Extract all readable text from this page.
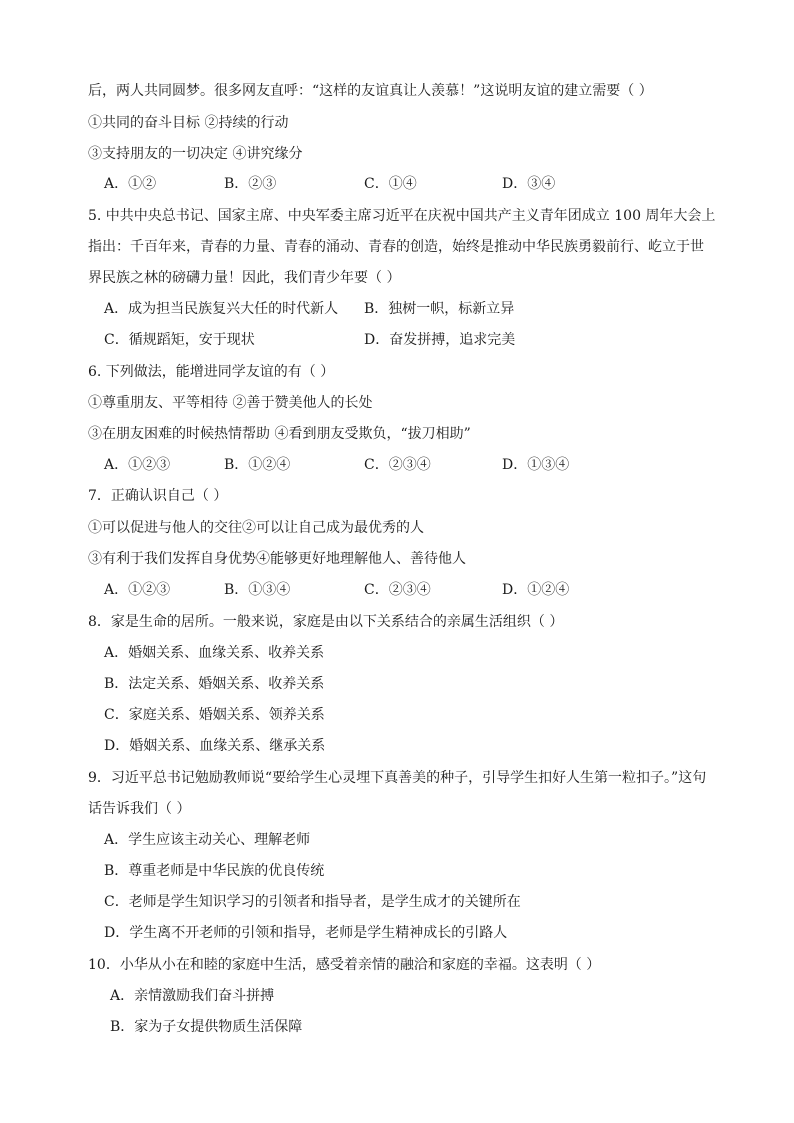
后，两人共同圆梦。很多网友直呼：“这样的友谊真让人羡慕！”这说明友谊的建立需要（ ）
①共同的奋斗目标 ②持续的行动
③支持朋友的一切决定 ④讲究缘分
A．①②	B．②③	C．①④	D．③④
5. 中共中央总书记、国家主席、中央军委主席习近平在庆祝中国共产主义青年团成立 100 周年大会上
指出：千百年来，青春的力量、青春的涌动、青春的创造，始终是推动中华民族勇毅前行、屹立于世
界民族之林的磅礴力量！因此，我们青少年要（ ）
A．成为担当民族复兴大任的时代新人 B．独树一帜，标新立异
C．循规蹈矩，安于现状	D．奋发拼搏，追求完美
6. 下列做法，能增进同学友谊的有（ ）
①尊重朋友、平等相待 ②善于赞美他人的长处
③在朋友困难的时候热情帮助 ④看到朋友受欺负，“拔刀相助”
A．①②③	B．①②④	C．②③④	D．①③④
7．正确认识自己（ ）
①可以促进与他人的交往②可以让自己成为最优秀的人
③有利于我们发挥自身优势④能够更好地理解他人、善待他人
A．①②③	B．①③④	C．②③④	D．①②④
8．家是生命的居所。一般来说，家庭是由以下关系结合的亲属生活组织（ ）
A．婚姻关系、血缘关系、收养关系
B．法定关系、婚姻关系、收养关系
C．家庭关系、婚姻关系、领养关系
D．婚姻关系、血缘关系、继承关系
9．习近平总书记勉励教师说“要给学生心灵埋下真善美的种子，引导学生扣好人生第一粒扣子。”这句
话告诉我们（ ）
A．学生应该主动关心、理解老师
B．尊重老师是中华民族的优良传统
C．老师是学生知识学习的引领者和指导者，是学生成才的关键所在
D．学生离不开老师的引领和指导，老师是学生精神成长的引路人
10．小华从小在和睦的家庭中生活，感受着亲情的融洽和家庭的幸福。这表明（ ）
A．亲情激励我们奋斗拼搏
B．家为子女提供物质生活保障
